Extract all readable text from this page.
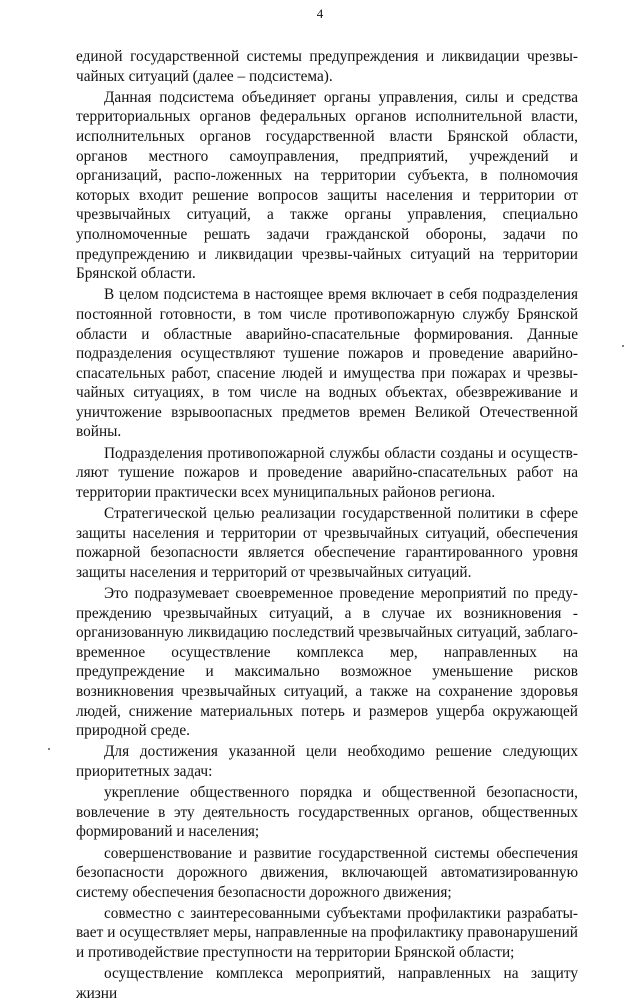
4

единой государственной системы предупреждения и ликвидации чрезвы-чайных ситуаций (далее – подсистема).

Данная подсистема объединяет органы управления, силы и средства территориальных органов федеральных органов исполнительной власти, исполнительных органов государственной власти Брянской области, органов местного самоуправления, предприятий, учреждений и организаций, распо-ложенных на территории субъекта, в полномочия которых входит решение вопросов защиты населения и территории от чрезвычайных ситуаций, а также органы управления, специально уполномоченные решать задачи гражданской обороны, задачи по предупреждению и ликвидации чрезвы-чайных ситуаций на территории Брянской области.

В целом подсистема в настоящее время включает в себя подразделения постоянной готовности, в том числе противопожарную службу Брянской области и областные аварийно-спасательные формирования. Данные подразделения осуществляют тушение пожаров и проведение аварийно-спасательных работ, спасение людей и имущества при пожарах и чрезвы-чайных ситуациях, в том числе на водных объектах, обезвреживание и уничтожение взрывоопасных предметов времен Великой Отечественной войны.

Подразделения противопожарной службы области созданы и осуществ-ляют тушение пожаров и проведение аварийно-спасательных работ на территории практически всех муниципальных районов региона.

Стратегической целью реализации государственной политики в сфере защиты населения и территории от чрезвычайных ситуаций, обеспечения пожарной безопасности является обеспечение гарантированного уровня защиты населения и территорий от чрезвычайных ситуаций.

Это подразумевает своевременное проведение мероприятий по преду-преждению чрезвычайных ситуаций, а в случае их возникновения - организованную ликвидацию последствий чрезвычайных ситуаций, заблаго-временное осуществление комплекса мер, направленных на предупреждение и максимально возможное уменьшение рисков возникновения чрезвычайных ситуаций, а также на сохранение здоровья людей, снижение материальных потерь и размеров ущерба окружающей природной среде.

Для достижения указанной цели необходимо решение следующих приоритетных задач:

укрепление общественного порядка и общественной безопасности, вовлечение в эту деятельность государственных органов, общественных формирований и населения;

совершенствование и развитие государственной системы обеспечения безопасности дорожного движения, включающей автоматизированную систему обеспечения безопасности дорожного движения;

совместно с заинтересованными субъектами профилактики разрабаты-вает и осуществляет меры, направленные на профилактику правонарушений и противодействие преступности на территории Брянской области;

осуществление комплекса мероприятий, направленных на защиту жизни
